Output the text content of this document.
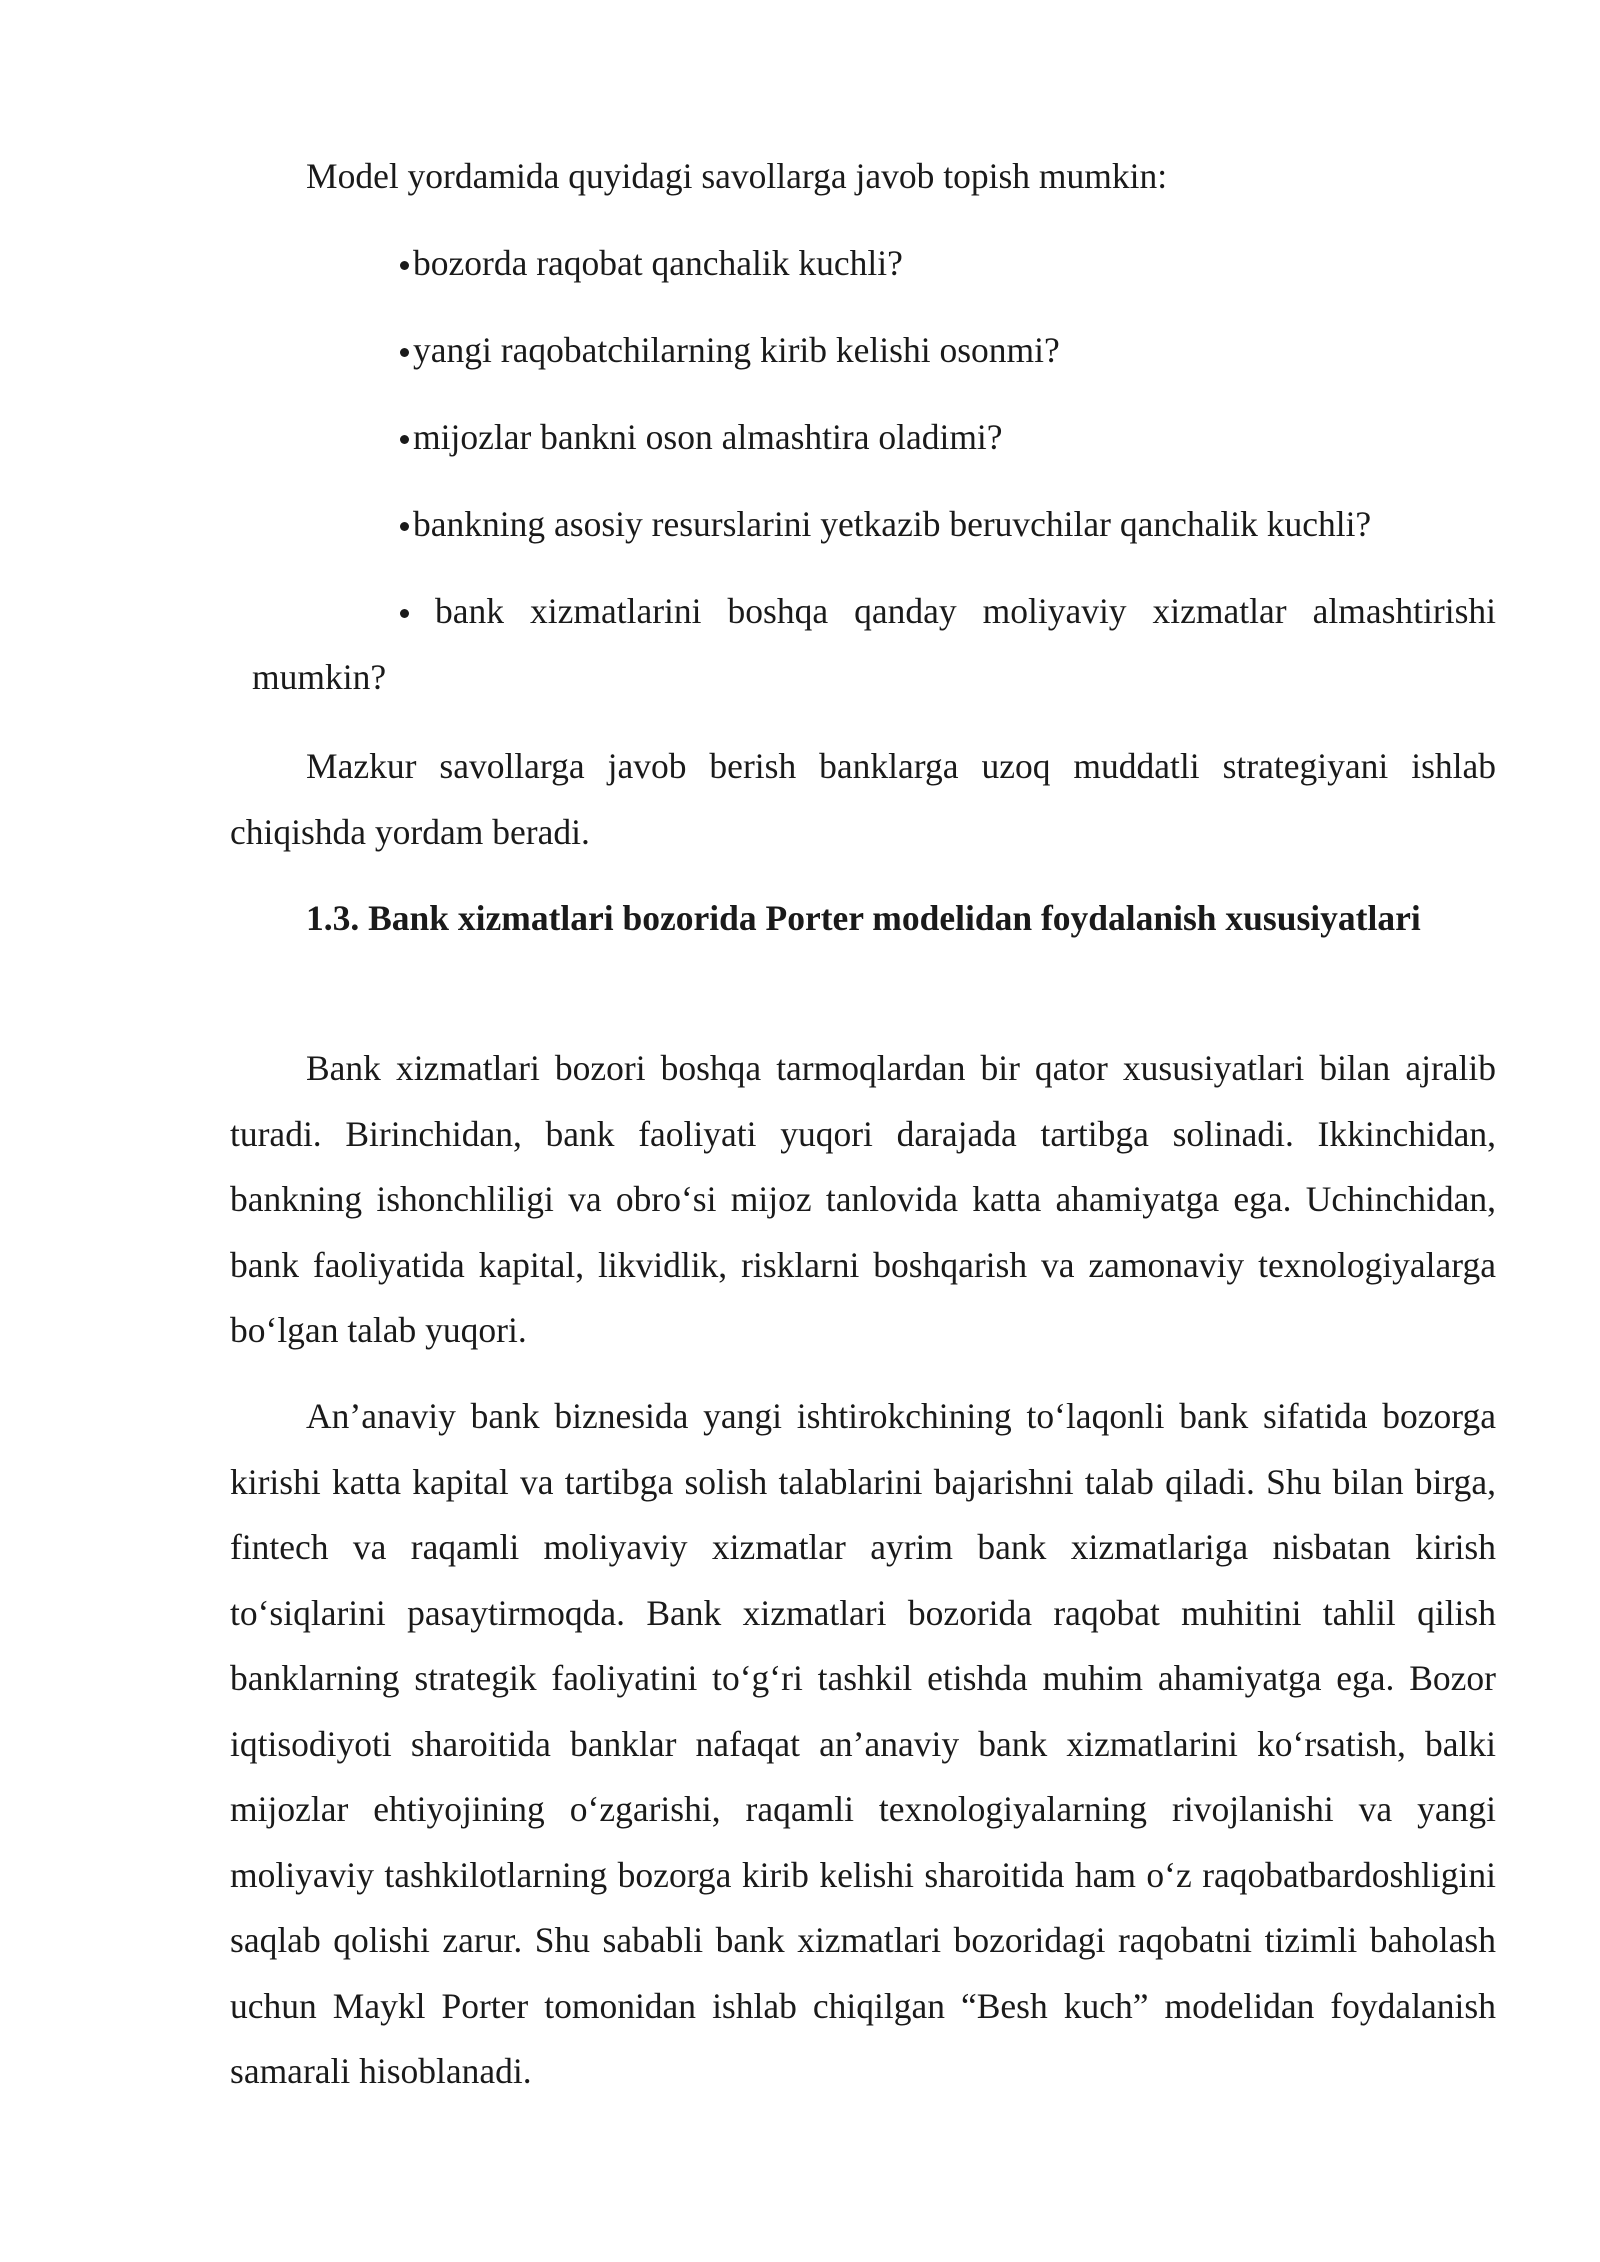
Model yordamida quyidagi savollarga javob topish mumkin:

bozorda raqobat qanchalik kuchli?
yangi raqobatchilarning kirib kelishi osonmi?
mijozlar bankni oson almashtira oladimi?
bankning asosiy resurslarini yetkazib beruvchilar qanchalik kuchli?
bank xizmatlarini boshqa qanday moliyaviy xizmatlar almashtirishi mumkin?

Mazkur savollarga javob berish banklarga uzoq muddatli strategiyani ishlab chiqishda yordam beradi.

1.3. Bank xizmatlari bozorida Porter modelidan foydalanish xususiyatlari

Bank xizmatlari bozori boshqa tarmoqlardan bir qator xususiyatlari bilan ajralib turadi. Birinchidan, bank faoliyati yuqori darajada tartibga solinadi. Ikkinchidan, bankning ishonchliligi va obro‘si mijoz tanlovida katta ahamiyatga ega. Uchinchidan, bank faoliyatida kapital, likvidlik, risklarni boshqarish va zamonaviy texnologiyalarga bo‘lgan talab yuqori.

An’anaviy bank biznesida yangi ishtirokchining to‘laqonli bank sifatida bozorga kirishi katta kapital va tartibga solish talablarini bajarishni talab qiladi. Shu bilan birga, fintech va raqamli moliyaviy xizmatlar ayrim bank xizmatlariga nisbatan kirish to‘siqlarini pasaytirmoqda. Bank xizmatlari bozorida raqobat muhitini tahlil qilish banklarning strategik faoliyatini to‘g‘ri tashkil etishda muhim ahamiyatga ega. Bozor iqtisodiyoti sharoitida banklar nafaqat an’anaviy bank xizmatlarini ko‘rsatish, balki mijozlar ehtiyojining o‘zgarishi, raqamli texnologiyalarning rivojlanishi va yangi moliyaviy tashkilotlarning bozorga kirib kelishi sharoitida ham o‘z raqobatbardoshligini saqlab qolishi zarur. Shu sababli bank xizmatlari bozoridagi raqobatni tizimli baholash uchun Maykl Porter tomonidan ishlab chiqilgan “Besh kuch” modelidan foydalanish samarali hisoblanadi.
